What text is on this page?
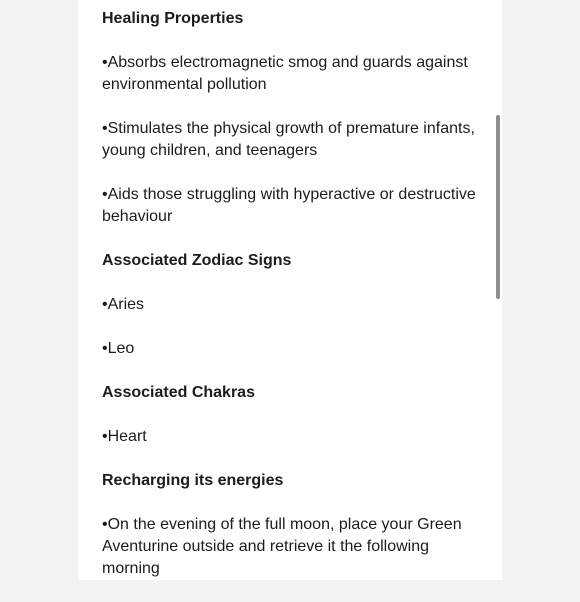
Healing Properties
•Absorbs electromagnetic smog and guards against environmental pollution
•Stimulates the physical growth of premature infants, young children, and teenagers
•Aids those struggling with hyperactive or destructive behaviour
Associated Zodiac Signs
•Aries
•Leo
Associated Chakras
•Heart
Recharging its energies
•On the evening of the full moon, place your Green Aventurine outside and retrieve it the following morning
